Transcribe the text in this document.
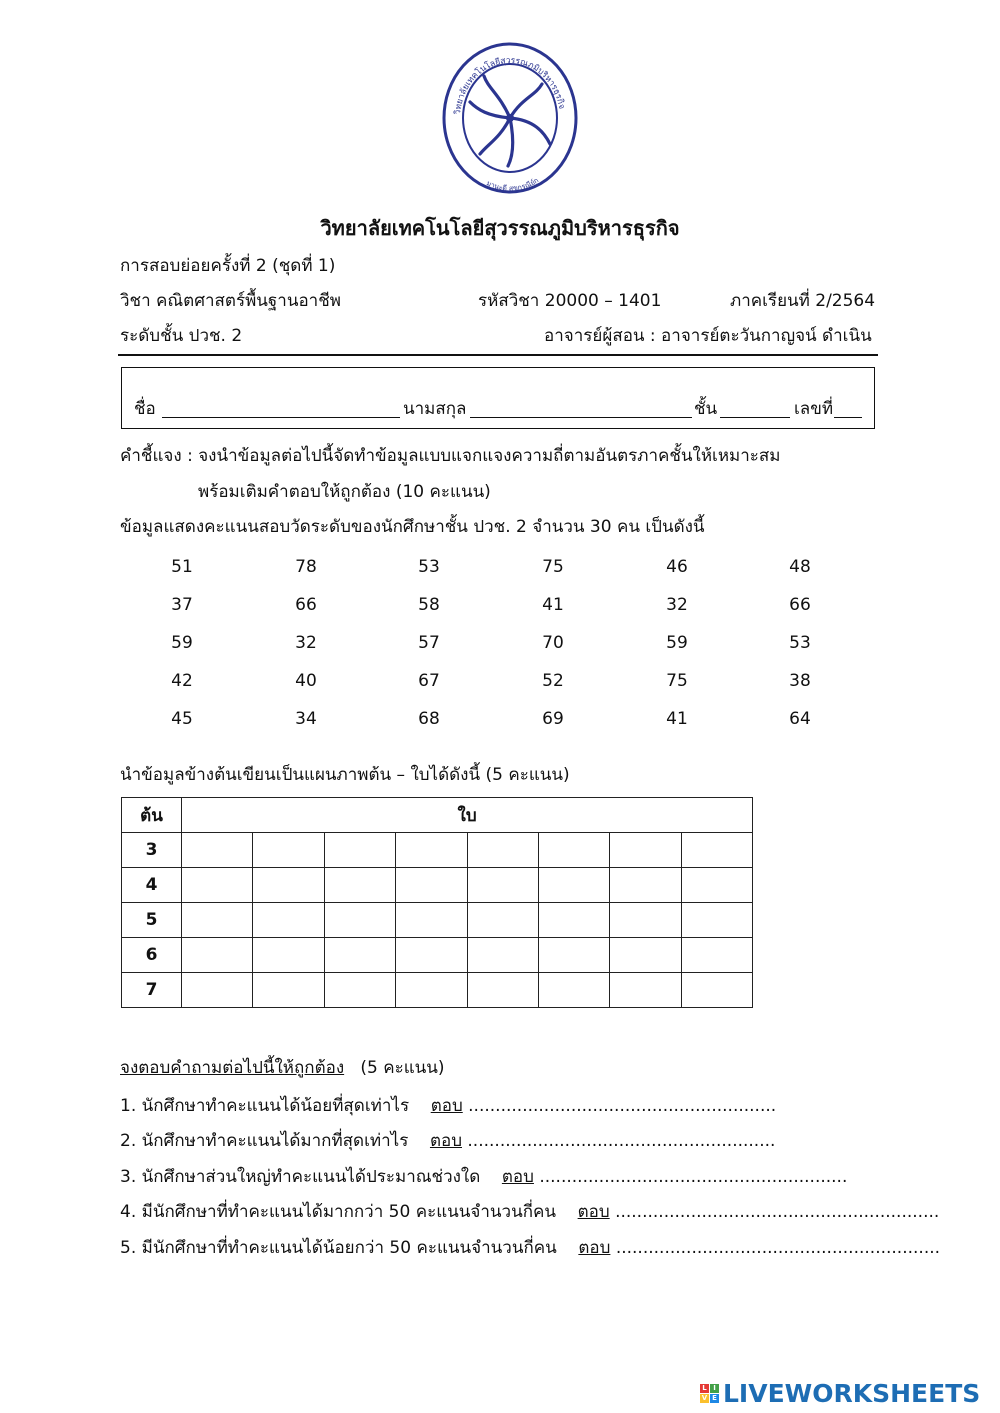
วิทยาลัยเทคโนโลยีสุวรรณภูมิบริหารธุรกิจ
มานะดี สุขกรณีย์ก
วิทยาลัยเทคโนโลยีสุวรรณภูมิบริหารธุรกิจ
การสอบย่อยครั้งที่ 2 (ชุดที่ 1)
วิชา คณิตศาสตร์พื้นฐานอาชีพ	รหัสวิชา 20000 – 1401	ภาคเรียนที่ 2/2564
ระดับชั้น ปวช. 2	อาจารย์ผู้สอน : อาจารย์ตะวันกาญจน์ ดำเนิน
ชื่อ	นามสกุล	ชั้น	เลขที่
คำชี้แจง : จงนำข้อมูลต่อไปนี้จัดทำข้อมูลแบบแจกแจงความถี่ตามอันตรภาคชั้นให้เหมาะสม
พร้อมเติมคำตอบให้ถูกต้อง (10 คะแนน)
ข้อมูลแสดงคะแนนสอบวัดระดับของนักศึกษาชั้น ปวช. 2 จำนวน 30 คน เป็นดังนี้
51	78	53	75	46	48
37	66	58	41	32	66
59	32	57	70	59	53
42	40	67	52	75	38
45	34	68	69	41	64
นำข้อมูลข้างต้นเขียนเป็นแผนภาพต้น – ใบได้ดังนี้ (5 คะแนน)
ต้น	ใบ							
3								
4								
5								
6								
7								
จงตอบคำถามต่อไปนี้ให้ถูกต้อง (5 คะแนน)
1. นักศึกษาทำคะแนนได้น้อยที่สุดเท่าไร ตอบ .........................................................
2. นักศึกษาทำคะแนนได้มากที่สุดเท่าไร ตอบ .........................................................
3. นักศึกษาส่วนใหญ่ทำคะแนนได้ประมาณช่วงใด ตอบ .........................................................
4. มีนักศึกษาที่ทำคะแนนได้มากกว่า 50 คะแนนจำนวนกี่คน ตอบ ............................................................
5. มีนักศึกษาที่ทำคะแนนได้น้อยกว่า 50 คะแนนจำนวนกี่คน ตอบ ............................................................
L I
V E LIVEWORKSHEETS
